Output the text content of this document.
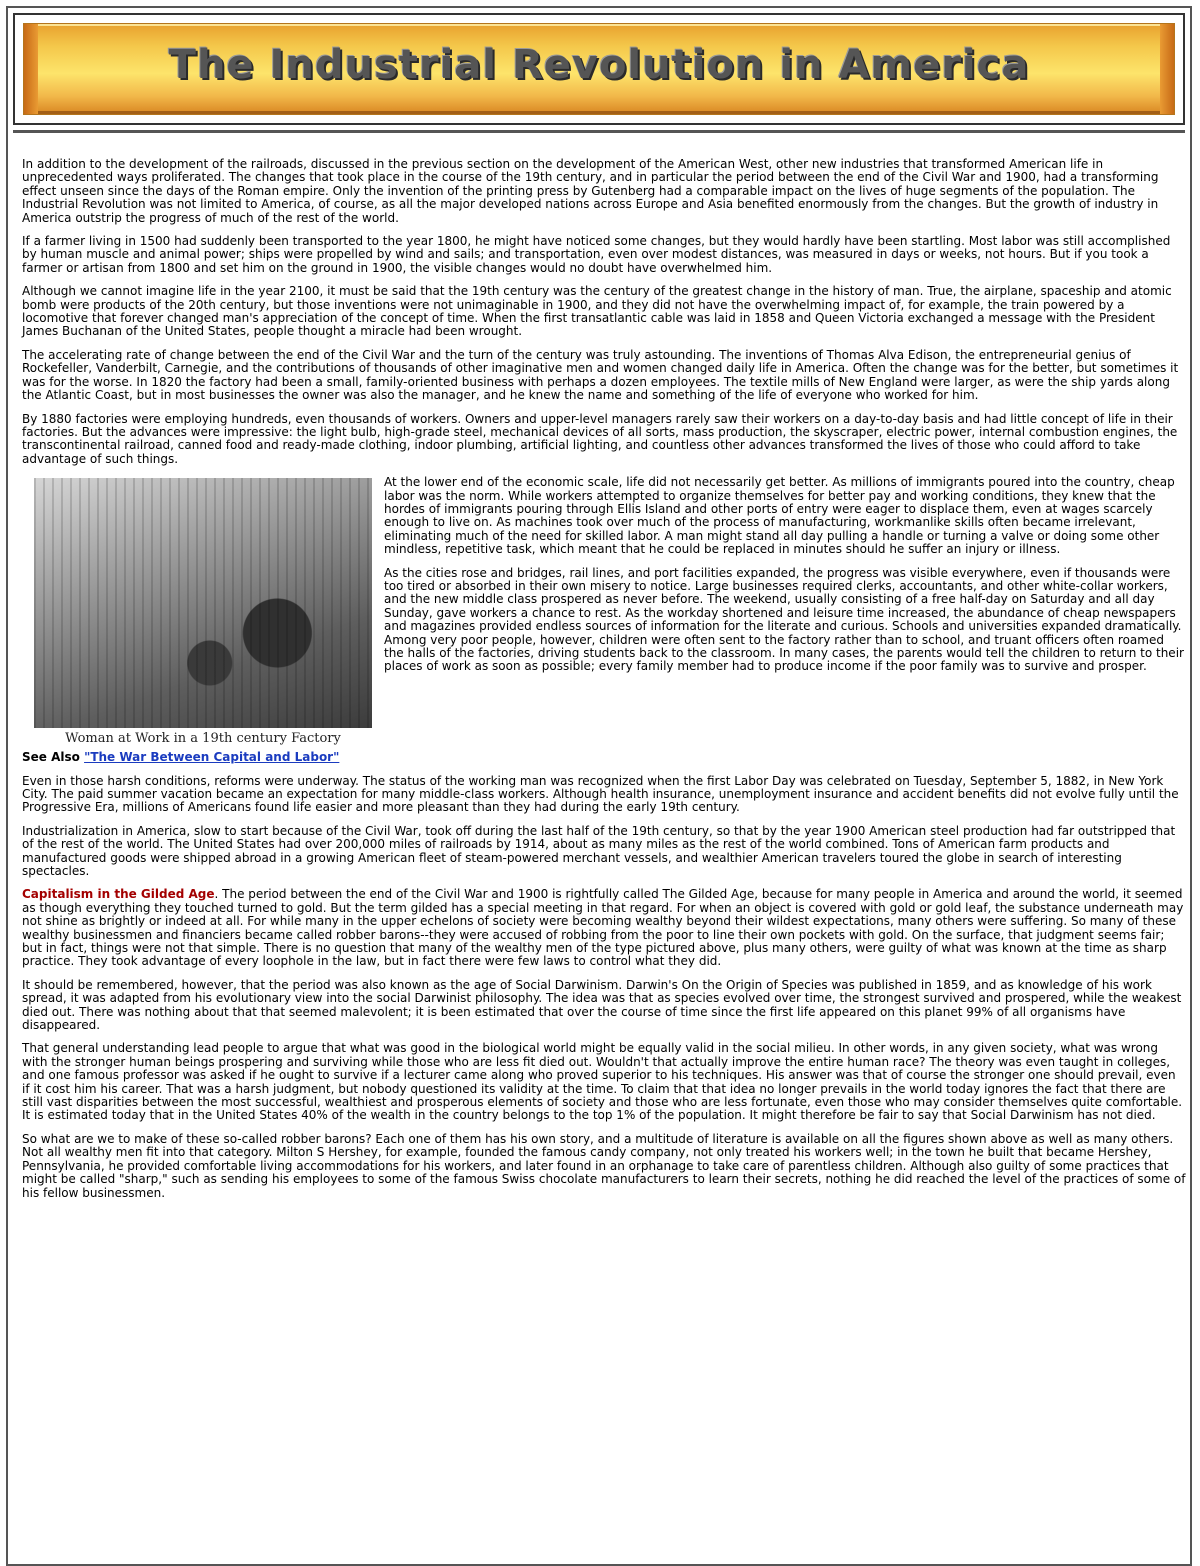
The Industrial Revolution in America

In addition to the development of the railroads, discussed in the previous section on the development of the American West, other new industries that transformed American life in unprecedented ways proliferated. The changes that took place in the course of the 19th century, and in particular the period between the end of the Civil War and 1900, had a transforming effect unseen since the days of the Roman empire. Only the invention of the printing press by Gutenberg had a comparable impact on the lives of huge segments of the population. The Industrial Revolution was not limited to America, of course, as all the major developed nations across Europe and Asia benefited enormously from the changes. But the growth of industry in America outstrip the progress of much of the rest of the world.

If a farmer living in 1500 had suddenly been transported to the year 1800, he might have noticed some changes, but they would hardly have been startling. Most labor was still accomplished by human muscle and animal power; ships were propelled by wind and sails; and transportation, even over modest distances, was measured in days or weeks, not hours. But if you took a farmer or artisan from 1800 and set him on the ground in 1900, the visible changes would no doubt have overwhelmed him.

Although we cannot imagine life in the year 2100, it must be said that the 19th century was the century of the greatest change in the history of man. True, the airplane, spaceship and atomic bomb were products of the 20th century, but those inventions were not unimaginable in 1900, and they did not have the overwhelming impact of, for example, the train powered by a locomotive that forever changed man's appreciation of the concept of time. When the first transatlantic cable was laid in 1858 and Queen Victoria exchanged a message with the President James Buchanan of the United States, people thought a miracle had been wrought.

The accelerating rate of change between the end of the Civil War and the turn of the century was truly astounding. The inventions of Thomas Alva Edison, the entrepreneurial genius of Rockefeller, Vanderbilt, Carnegie, and the contributions of thousands of other imaginative men and women changed daily life in America. Often the change was for the better, but sometimes it was for the worse. In 1820 the factory had been a small, family-oriented business with perhaps a dozen employees. The textile mills of New England were larger, as were the ship yards along the Atlantic Coast, but in most businesses the owner was also the manager, and he knew the name and something of the life of everyone who worked for him.

By 1880 factories were employing hundreds, even thousands of workers. Owners and upper-level managers rarely saw their workers on a day-to-day basis and had little concept of life in their factories. But the advances were impressive: the light bulb, high-grade steel, mechanical devices of all sorts, mass production, the skyscraper, electric power, internal combustion engines, the transcontinental railroad, canned food and ready-made clothing, indoor plumbing, artificial lighting, and countless other advances transformed the lives of those who could afford to take advantage of such things.

Woman at Work in a 19th century Factory

At the lower end of the economic scale, life did not necessarily get better. As millions of immigrants poured into the country, cheap labor was the norm. While workers attempted to organize themselves for better pay and working conditions, they knew that the hordes of immigrants pouring through Ellis Island and other ports of entry were eager to displace them, even at wages scarcely enough to live on. As machines took over much of the process of manufacturing, workmanlike skills often became irrelevant, eliminating much of the need for skilled labor. A man might stand all day pulling a handle or turning a valve or doing some other mindless, repetitive task, which meant that he could be replaced in minutes should he suffer an injury or illness.

As the cities rose and bridges, rail lines, and port facilities expanded, the progress was visible everywhere, even if thousands were too tired or absorbed in their own misery to notice. Large businesses required clerks, accountants, and other white-collar workers, and the new middle class prospered as never before. The weekend, usually consisting of a free half-day on Saturday and all day Sunday, gave workers a chance to rest. As the workday shortened and leisure time increased, the abundance of cheap newspapers and magazines provided endless sources of information for the literate and curious. Schools and universities expanded dramatically. Among very poor people, however, children were often sent to the factory rather than to school, and truant officers often roamed the halls of the factories, driving students back to the classroom. In many cases, the parents would tell the children to return to their places of work as soon as possible; every family member had to produce income if the poor family was to survive and prosper.

See Also "The War Between Capital and Labor"

Even in those harsh conditions, reforms were underway. The status of the working man was recognized when the first Labor Day was celebrated on Tuesday, September 5, 1882, in New York City. The paid summer vacation became an expectation for many middle-class workers. Although health insurance, unemployment insurance and accident benefits did not evolve fully until the Progressive Era, millions of Americans found life easier and more pleasant than they had during the early 19th century.

Industrialization in America, slow to start because of the Civil War, took off during the last half of the 19th century, so that by the year 1900 American steel production had far outstripped that of the rest of the world. The United States had over 200,000 miles of railroads by 1914, about as many miles as the rest of the world combined. Tons of American farm products and manufactured goods were shipped abroad in a growing American fleet of steam-powered merchant vessels, and wealthier American travelers toured the globe in search of interesting spectacles.

Capitalism in the Gilded Age. The period between the end of the Civil War and 1900 is rightfully called The Gilded Age, because for many people in America and around the world, it seemed as though everything they touched turned to gold. But the term gilded has a special meeting in that regard. For when an object is covered with gold or gold leaf, the substance underneath may not shine as brightly or indeed at all. For while many in the upper echelons of society were becoming wealthy beyond their wildest expectations, many others were suffering. So many of these wealthy businessmen and financiers became called robber barons--they were accused of robbing from the poor to line their own pockets with gold. On the surface, that judgment seems fair; but in fact, things were not that simple. There is no question that many of the wealthy men of the type pictured above, plus many others, were guilty of what was known at the time as sharp practice. They took advantage of every loophole in the law, but in fact there were few laws to control what they did.

It should be remembered, however, that the period was also known as the age of Social Darwinism. Darwin's On the Origin of Species was published in 1859, and as knowledge of his work spread, it was adapted from his evolutionary view into the social Darwinist philosophy. The idea was that as species evolved over time, the strongest survived and prospered, while the weakest died out. There was nothing about that that seemed malevolent; it is been estimated that over the course of time since the first life appeared on this planet 99% of all organisms have disappeared.

That general understanding lead people to argue that what was good in the biological world might be equally valid in the social milieu. In other words, in any given society, what was wrong with the stronger human beings prospering and surviving while those who are less fit died out. Wouldn't that actually improve the entire human race? The theory was even taught in colleges, and one famous professor was asked if he ought to survive if a lecturer came along who proved superior to his techniques. His answer was that of course the stronger one should prevail, even if it cost him his career. That was a harsh judgment, but nobody questioned its validity at the time. To claim that that idea no longer prevails in the world today ignores the fact that there are still vast disparities between the most successful, wealthiest and prosperous elements of society and those who are less fortunate, even those who may consider themselves quite comfortable. It is estimated today that in the United States 40% of the wealth in the country belongs to the top 1% of the population. It might therefore be fair to say that Social Darwinism has not died.

So what are we to make of these so-called robber barons? Each one of them has his own story, and a multitude of literature is available on all the figures shown above as well as many others. Not all wealthy men fit into that category. Milton S Hershey, for example, founded the famous candy company, not only treated his workers well; in the town he built that became Hershey, Pennsylvania, he provided comfortable living accommodations for his workers, and later found in an orphanage to take care of parentless children. Although also guilty of some practices that might be called "sharp," such as sending his employees to some of the famous Swiss chocolate manufacturers to learn their secrets, nothing he did reached the level of the practices of some of his fellow businessmen.
